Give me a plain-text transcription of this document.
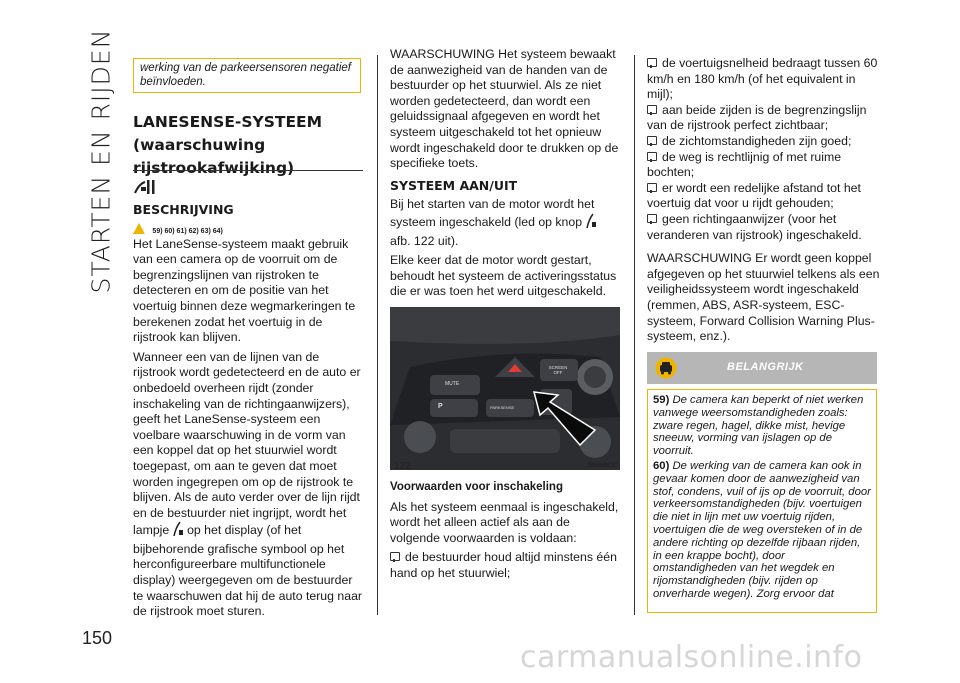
STARTEN EN RIJDEN
150
werking van de parkeersensoren negatief beïnvloeden.

LANESENSE-SYSTEEM

(waarschuwing

rijstrookafwijking)

BESCHRIJVING

59) 60) 61) 62) 63) 64)

Het LaneSense-systeem maakt gebruik van een camera op de voorruit om de begrenzingslijnen van rijstroken te detecteren en om de positie van het voertuig binnen deze wegmarkeringen te berekenen zodat het voertuig in de rijstrook kan blijven.

Wanneer een van de lijnen van de rijstrook wordt gedetecteerd en de auto er onbedoeld overheen rijdt (zonder inschakeling van de richtingaanwijzers), geeft het LaneSense-systeem een voelbare waarschuwing in de vorm van een koppel dat op het stuurwiel wordt toegepast, om aan te geven dat moet worden ingegrepen om op de rijstrook te blijven. Als de auto verder over de lijn rijdt en de bestuurder niet ingrijpt, wordt het lampje op het display (of het bijbehorende grafische symbool op het herconfigureerbare multifunctionele display) weergegeven om de bestuurder te waarschuwen dat hij de auto terug naar de rijstrook moet sturen.

WAARSCHUWING Het systeem bewaakt de aanwezigheid van de handen van de bestuurder op het stuurwiel. Als ze niet worden gedetecteerd, dan wordt een geluidssignaal afgegeven en wordt het systeem uitgeschakeld tot het opnieuw wordt ingeschakeld door te drukken op de specifieke toets.

SYSTEEM AAN/UIT

Bij het starten van de motor wordt het systeem ingeschakeld (led op knop

afb. 122 uit).

Elke keer dat de motor wordt gestart, behoudt het systeem de activeringsstatus die er was toen het werd uitgeschakeld.

MUTE
SCREEN OFF
P	PARKSENSE
122	J0A0953C

Voorwaarden voor inschakeling

Als het systeem eenmaal is ingeschakeld, wordt het alleen actief als aan de volgende voorwaarden is voldaan:

de bestuurder houd altijd minstens één hand op het stuurwiel;

de voertuigsnelheid bedraagt tussen 60 km/h en 180 km/h (of het equivalent in mijl);

aan beide zijden is de begrenzingslijn van de rijstrook perfect zichtbaar;

de zichtomstandigheden zijn goed;

de weg is rechtlijnig of met ruime bochten;

er wordt een redelijke afstand tot het voertuig dat voor u rijdt gehouden;

geen richtingaanwijzer (voor het veranderen van rijstrook) ingeschakeld.

WAARSCHUWING Er wordt geen koppel afgegeven op het stuurwiel telkens als een veiligheidssysteem wordt ingeschakeld (remmen, ABS, ASR-systeem, ESC-systeem, Forward Collision Warning Plus-systeem, enz.).

BELANGRIJK
59) De camera kan beperkt of niet werken vanwege weersomstandigheden zoals: zware regen, hagel, dikke mist, hevige sneeuw, vorming van ijslagen op de voorruit.
60) De werking van de camera kan ook in gevaar komen door de aanwezigheid van stof, condens, vuil of ijs op de voorruit, door verkeersomstandigheden (bijv. voertuigen die niet in lijn met uw voertuig rijden, voertuigen die de weg oversteken of in de andere richting op dezelfde rijbaan rijden, in een krappe bocht), door omstandigheden van het wegdek en rijomstandigheden (bijv. rijden op onverharde wegen). Zorg ervoor dat
carmanualsonline.info
